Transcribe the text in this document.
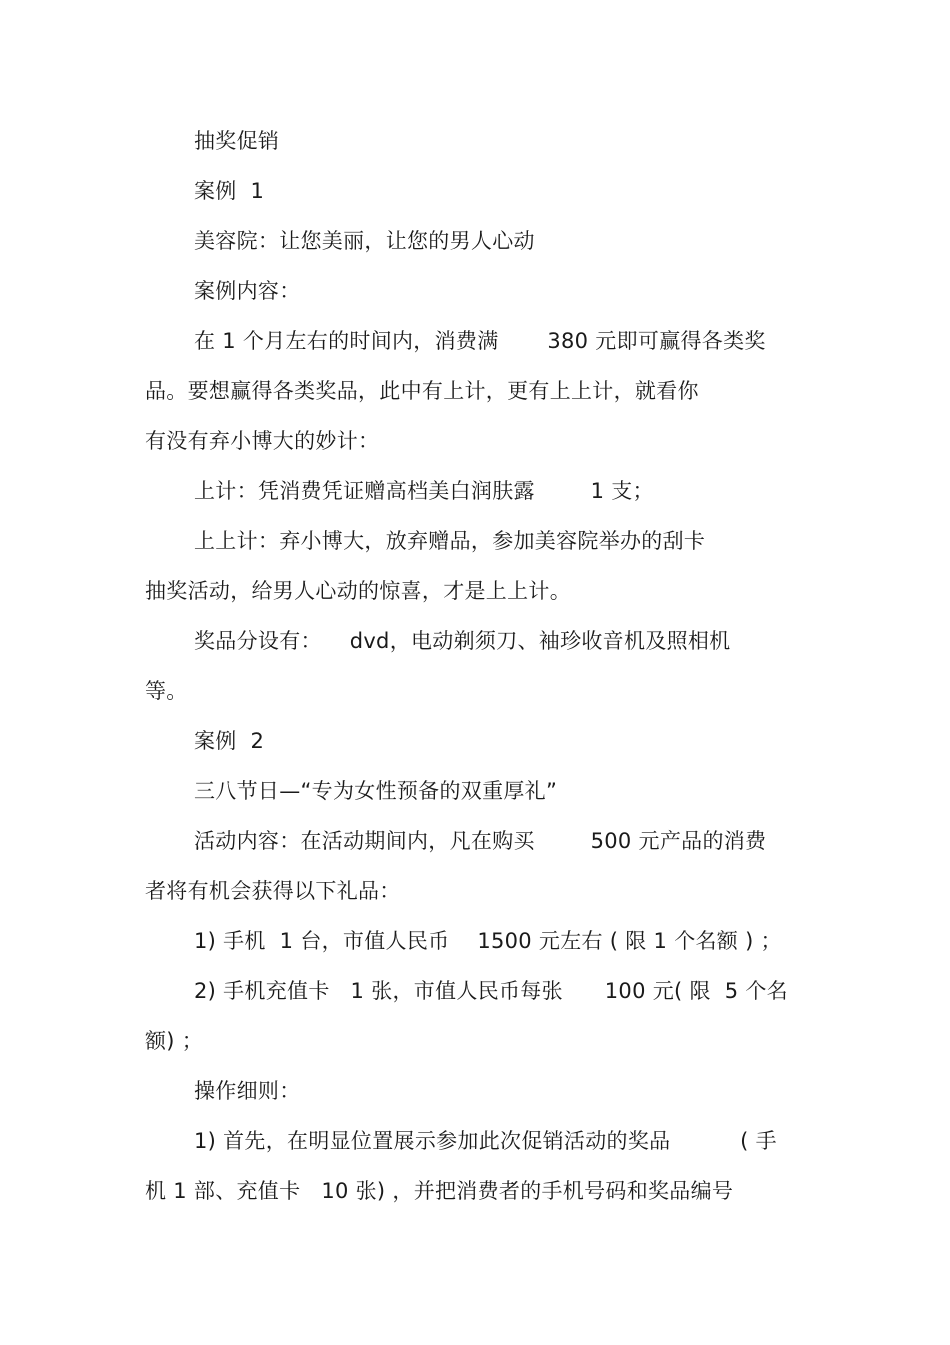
抽奖促销
案例  1
美容院：让您美丽，让您的男人心动
案例内容：
在 1 个月左右的时间内，消费满       380 元即可赢得各类奖
品。要想赢得各类奖品，此中有上计，更有上上计，就看你
有没有弃小博大的妙计：
上计：凭消费凭证赠高档美白润肤露        1 支；
上上计：弃小博大，放弃赠品，参加美容院举办的刮卡
抽奖活动，给男人心动的惊喜，才是上上计。
奖品分设有：    dvd，电动剃须刀、袖珍收音机及照相机
等。
案例  2
三八节日—“专为女性预备的双重厚礼”
活动内容：在活动期间内，凡在购买        500 元产品的消费
者将有机会获得以下礼品：
1) 手机  1 台，市值人民币    1500 元左右 ( 限 1 个名额 ) ；
2) 手机充值卡   1 张，市值人民币每张      100 元( 限  5 个名
额) ；
操作细则：
1) 首先，在明显位置展示参加此次促销活动的奖品          ( 手
机 1 部、充值卡   10 张) ，并把消费者的手机号码和奖品编号
